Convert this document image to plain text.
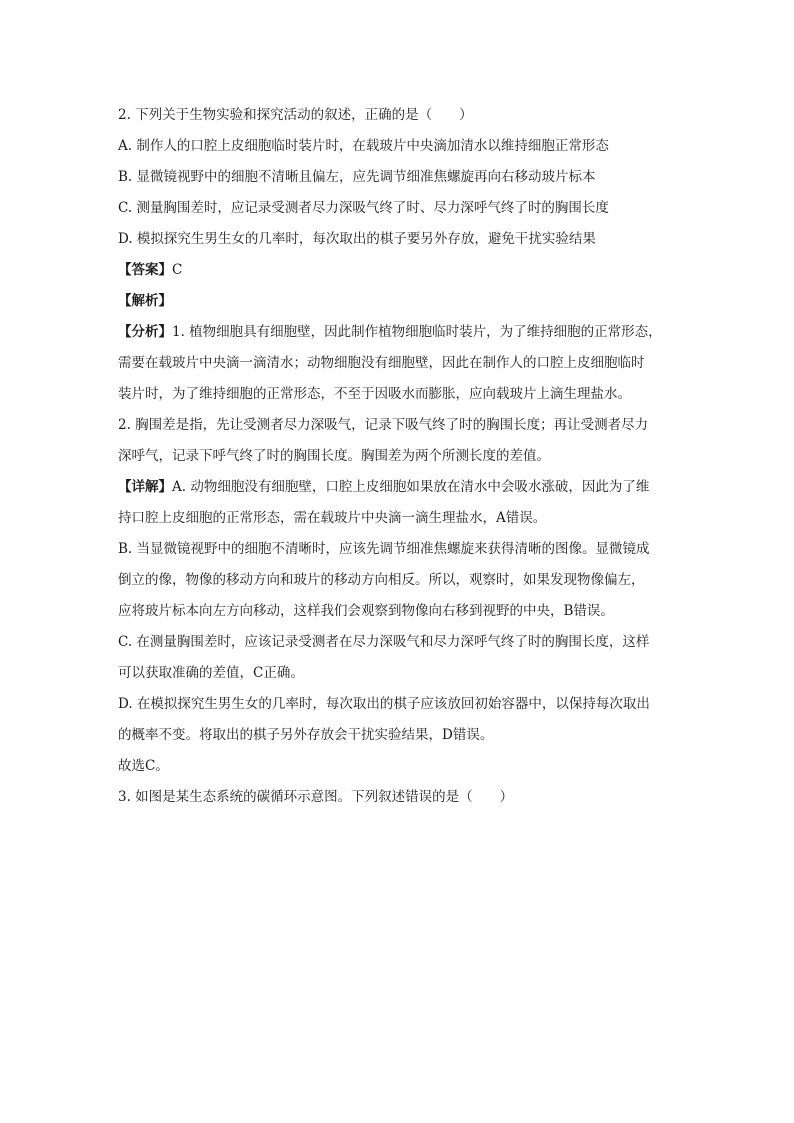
2. 下列关于生物实验和探究活动的叙述，正确的是（　　）
A. 制作人的口腔上皮细胞临时装片时，在载玻片中央滴加清水以维持细胞正常形态
B. 显微镜视野中的细胞不清晰且偏左，应先调节细准焦螺旋再向右移动玻片标本
C. 测量胸围差时，应记录受测者尽力深吸气终了时、尽力深呼气终了时的胸围长度
D. 模拟探究生男生女的几率时，每次取出的棋子要另外存放，避免干扰实验结果
【答案】C
【解析】
【分析】1. 植物细胞具有细胞壁，因此制作植物细胞临时装片，为了维持细胞的正常形态，
需要在载玻片中央滴一滴清水；动物细胞没有细胞壁，因此在制作人的口腔上皮细胞临时
装片时，为了维持细胞的正常形态，不至于因吸水而膨胀，应向载玻片上滴生理盐水。
2. 胸围差是指，先让受测者尽力深吸气，记录下吸气终了时的胸围长度；再让受测者尽力
深呼气，记录下呼气终了时的胸围长度。胸围差为两个所测长度的差值。
【详解】A. 动物细胞没有细胞壁，口腔上皮细胞如果放在清水中会吸水涨破，因此为了维
持口腔上皮细胞的正常形态，需在载玻片中央滴一滴生理盐水，A错误。
B. 当显微镜视野中的细胞不清晰时，应该先调节细准焦螺旋来获得清晰的图像。显微镜成
倒立的像，物像的移动方向和玻片的移动方向相反。所以，观察时，如果发现物像偏左，
应将玻片标本向左方向移动，这样我们会观察到物像向右移到视野的中央，B错误。
C. 在测量胸围差时，应该记录受测者在尽力深吸气和尽力深呼气终了时的胸围长度，这样
可以获取准确的差值，C正确。
D. 在模拟探究生男生女的几率时，每次取出的棋子应该放回初始容器中，以保持每次取出
的概率不变。将取出的棋子另外存放会干扰实验结果，D错误。
故选C。
3. 如图是某生态系统的碳循环示意图。下列叙述错误的是（　　）
